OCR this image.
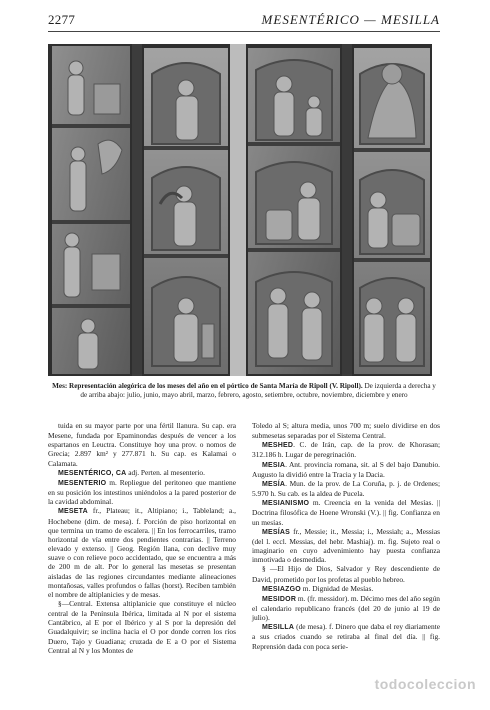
2277	MESENTÉRICO — MESILLA
Mes: Representación alegórica de los meses del año en el pórtico de Santa María de Ripoll (V. Ripoll). De izquierda a derecha y de arriba abajo: julio, junio, mayo abril, marzo, febrero, agosto, setiembre, octubre, noviembre, diciembre y enero

tuida en su mayor parte por una fértil llanura. Su cap. era Mesene, fundada por Epaminondas después de vencer a los espartanos en Leuctra. Constituye hoy una prov. o nomos de Grecia; 2.897 km² y 277.871 h. Su cap. es Kalamai o Calamata.

MESENTÉRICO, CA adj. Perten. al mesenterio.

MESENTERIO m. Repliegue del peritoneo que mantiene en su posición los intestinos uniéndolos a la pared posterior de la cavidad abdominal.

MESETA fr., Plateau; it., Altipiano; i., Tableland; a., Hochebene (dim. de mesa). f. Porción de piso horizontal en que termina un tramo de escalera. || En los ferrocarriles, tramo horizontal de vía entre dos pendientes contrarias. || Terreno elevado y extenso. || Geog. Región llana, con declive muy suave o con relieve poco accidentado, que se encuentra a más de 200 m de alt. Por lo general las mesetas se presentan aisladas de las regiones circundantes mediante alineaciones montañosas, valles profundos o fallas (horst). Reciben también el nombre de altiplanicies y de mesas.

§—Central. Extensa altiplanicie que constituye el núcleo central de la Península Ibérica, limitada al N por el sistema Cantábrico, al E por el Ibérico y al S por la depresión del Guadalquivir; se inclina hacia el O por donde corren los ríos Duero, Tajo y Guadiana; cruzada de E a O por el Sistema Central al N y los Montes de

Toledo al S; altura media, unos 700 m; suelo dividirse en dos submesetas separadas por el Sistema Central.

MESHED. C. de Irán, cap. de la prov. de Khorasan; 312.186 h. Lugar de peregrinación.

MESIA. Ant. provincia romana, sit. al S del bajo Danubio. Augusto la dividió entre la Tracia y la Dacia.

MESÍA. Mun. de la prov. de La Coruña, p. j. de Ordenes; 5.970 h. Su cab. es la aldea de Pucela.

MESIANISMO m. Creencia en la venida del Mesías. || Doctrina filosófica de Hoene Wronski (V.). || fig. Confianza en un mesías.

MESÍAS fr., Messie; it., Messia; i., Messiah; a., Messias (del l. eccl. Messias, del hebr. Mashiaj). m. fig. Sujeto real o imaginario en cuyo advenimiento hay puesta confianza inmotivada o desmedida.

§ —El Hijo de Dios, Salvador y Rey descendiente de David, prometido por los profetas al pueblo hebreo.

MESIAZGO m. Dignidad de Mesías.

MESIDOR m. (fr. messidor). m. Décimo mes del año según el calendario republicano francés (del 20 de junio al 19 de julio).

MESILLA (de mesa). f. Dinero que daba el rey diariamente a sus criados cuando se retiraba al final del día. || fig. Reprensión dada con poca serie-

todocoleccion
